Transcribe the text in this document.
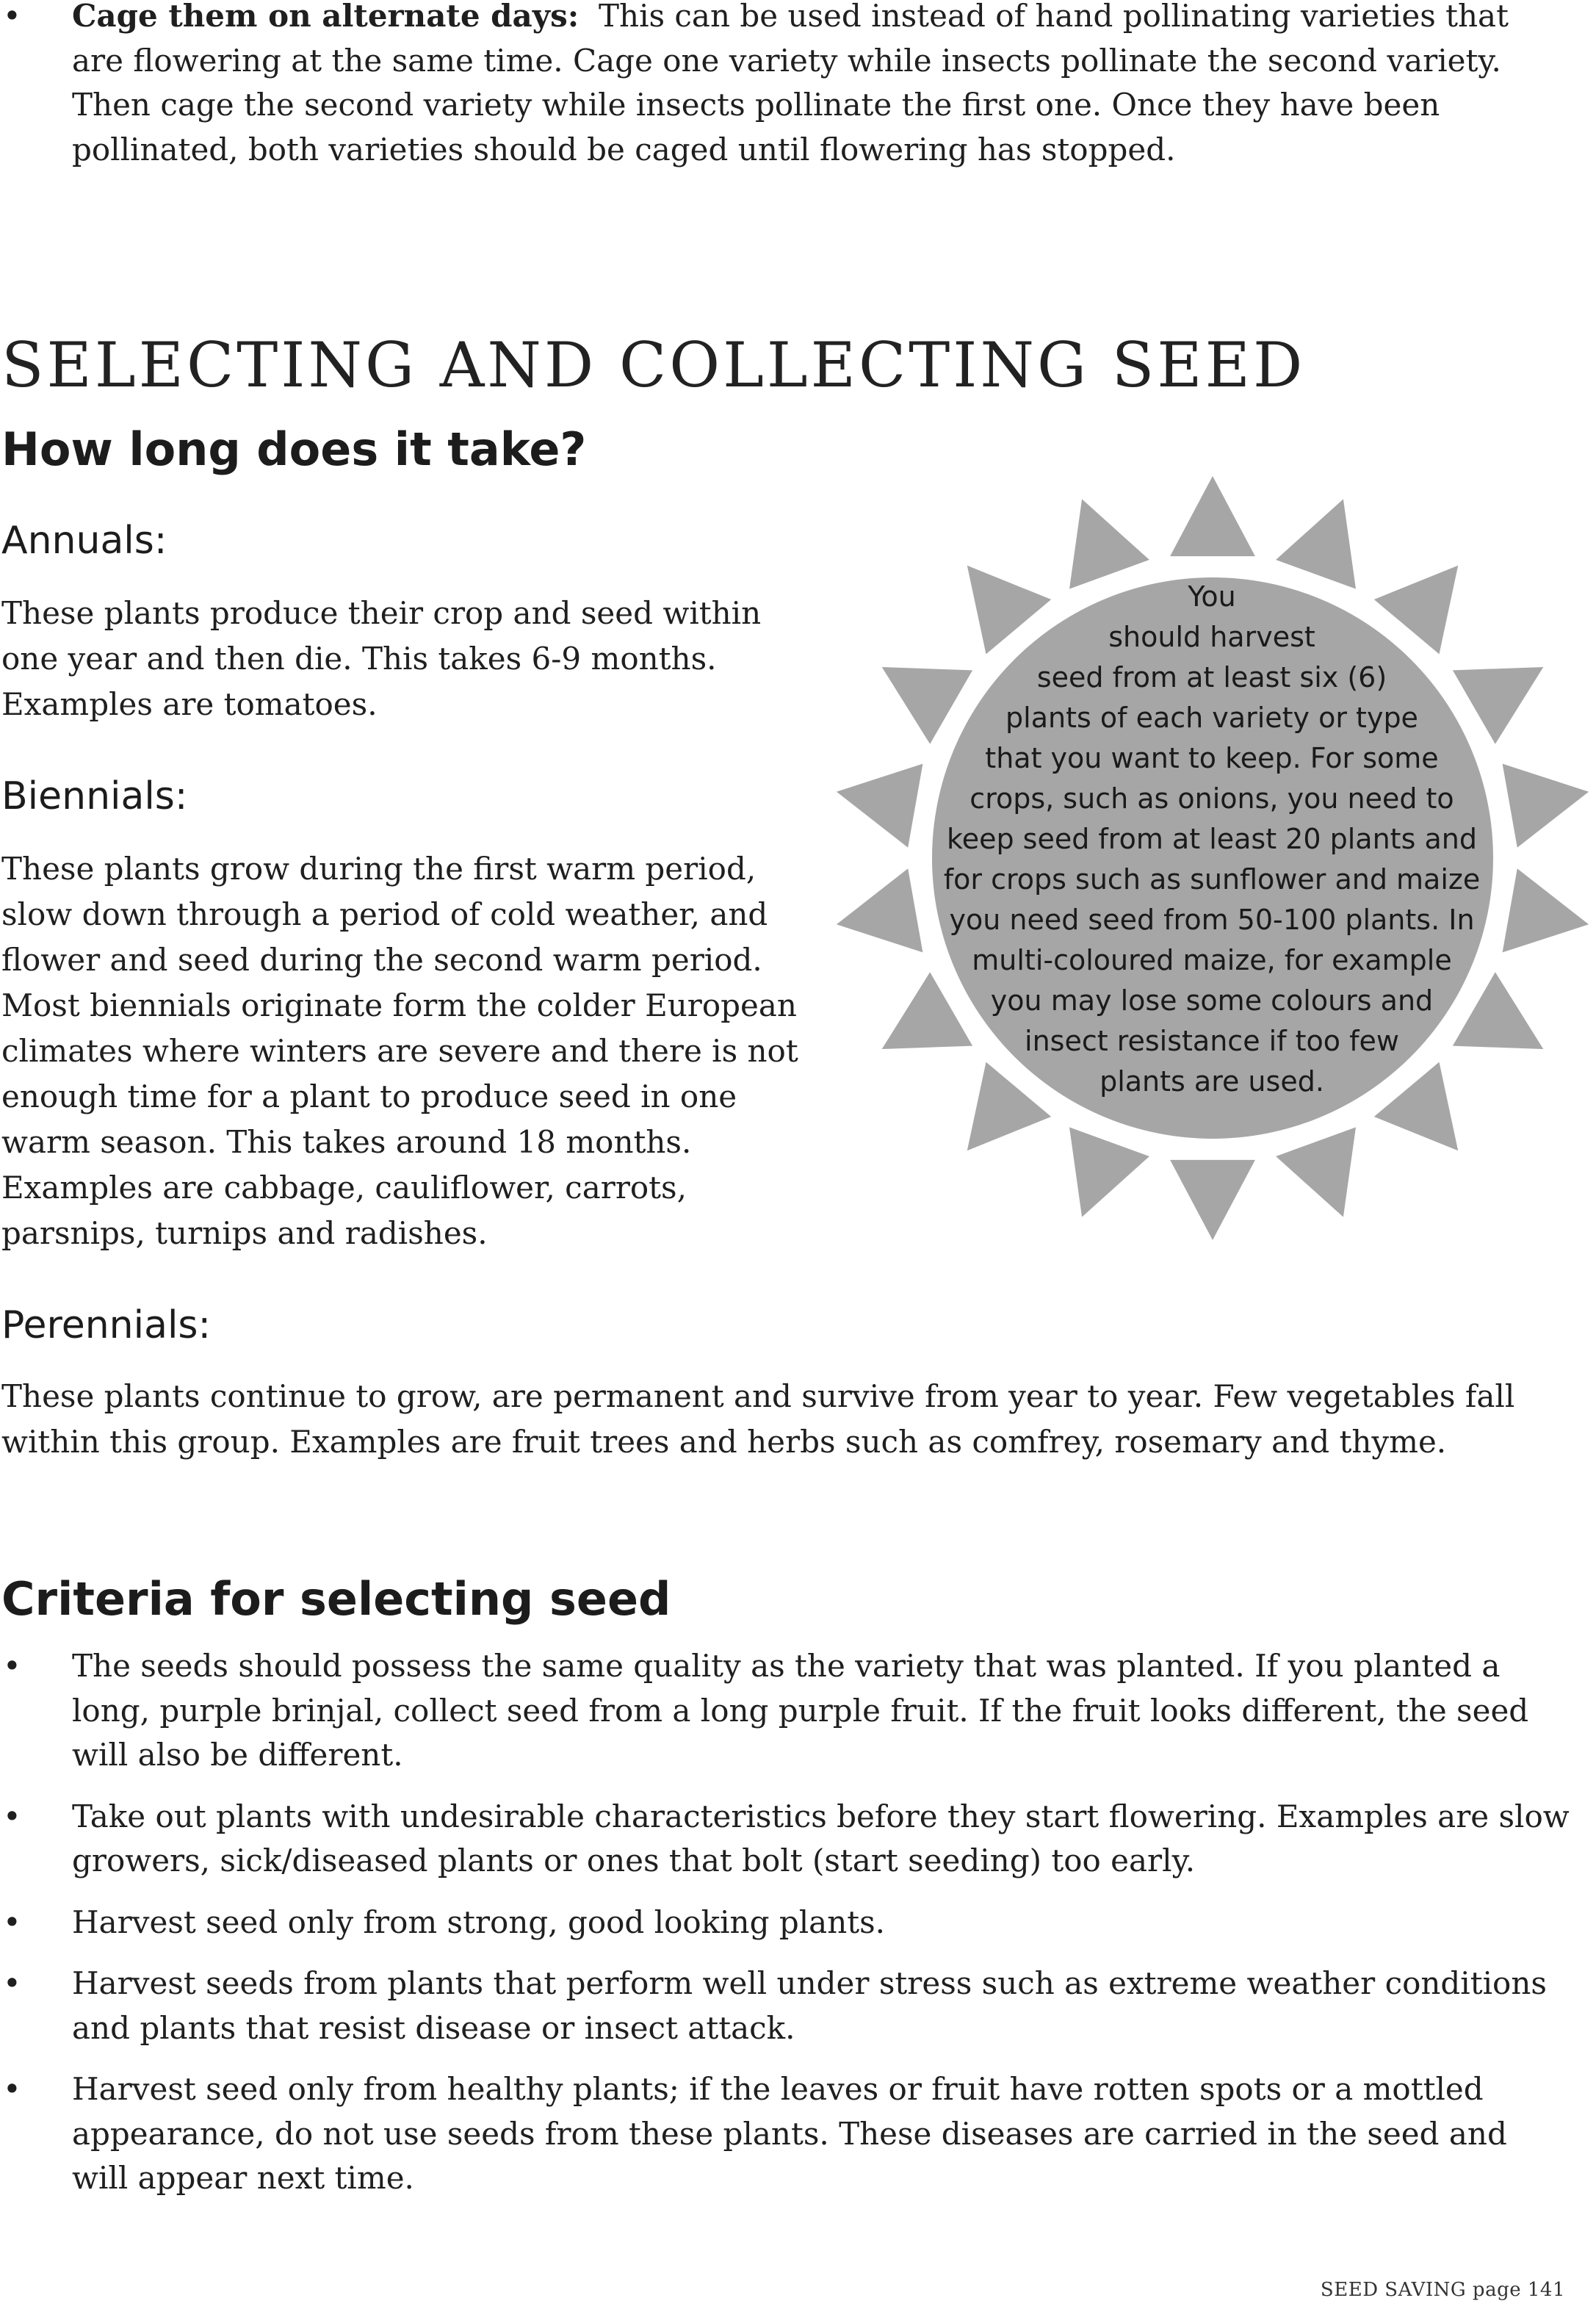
• Cage them on alternate days: This can be used instead of hand pollinating varieties that are flowering at the same time. Cage one variety while insects pollinate the second variety. Then cage the second variety while insects pollinate the first one. Once they have been pollinated, both varieties should be caged until flowering has stopped.
SELECTING AND COLLECTING SEED
How long does it take?
Annuals:

These plants produce their crop and seed within one year and then die. This takes 6-9 months. Examples are tomatoes.

Biennials:

These plants grow during the first warm period, slow down through a period of cold weather, and flower and seed during the second warm period. Most biennials originate form the colder European climates where winters are severe and there is not enough time for a plant to produce seed in one warm season. This takes around 18 months. Examples are cabbage, cauliflower, carrots, parsnips, turnips and radishes.

You
should harvest
seed from at least six (6)
plants of each variety or type
that you want to keep. For some
crops, such as onions, you need to
keep seed from at least 20 plants and
for crops such as sunflower and maize
you need seed from 50-100 plants. In
multi-coloured maize, for example
you may lose some colours and
insect resistance if too few
plants are used.
Perennials:

These plants continue to grow, are permanent and survive from year to year. Few vegetables fall within this group. Examples are fruit trees and herbs such as comfrey, rosemary and thyme.

Criteria for selecting seed
• The seeds should possess the same quality as the variety that was planted. If you planted a long, purple brinjal, collect seed from a long purple fruit. If the fruit looks different, the seed will also be different.
• Take out plants with undesirable characteristics before they start flowering. Examples are slow growers, sick/diseased plants or ones that bolt (start seeding) too early.
• Harvest seed only from strong, good looking plants.
• Harvest seeds from plants that perform well under stress such as extreme weather conditions and plants that resist disease or insect attack.
• Harvest seed only from healthy plants; if the leaves or fruit have rotten spots or a mottled appearance, do not use seeds from these plants. These diseases are carried in the seed and will appear next time.
SEED SAVING page 141
